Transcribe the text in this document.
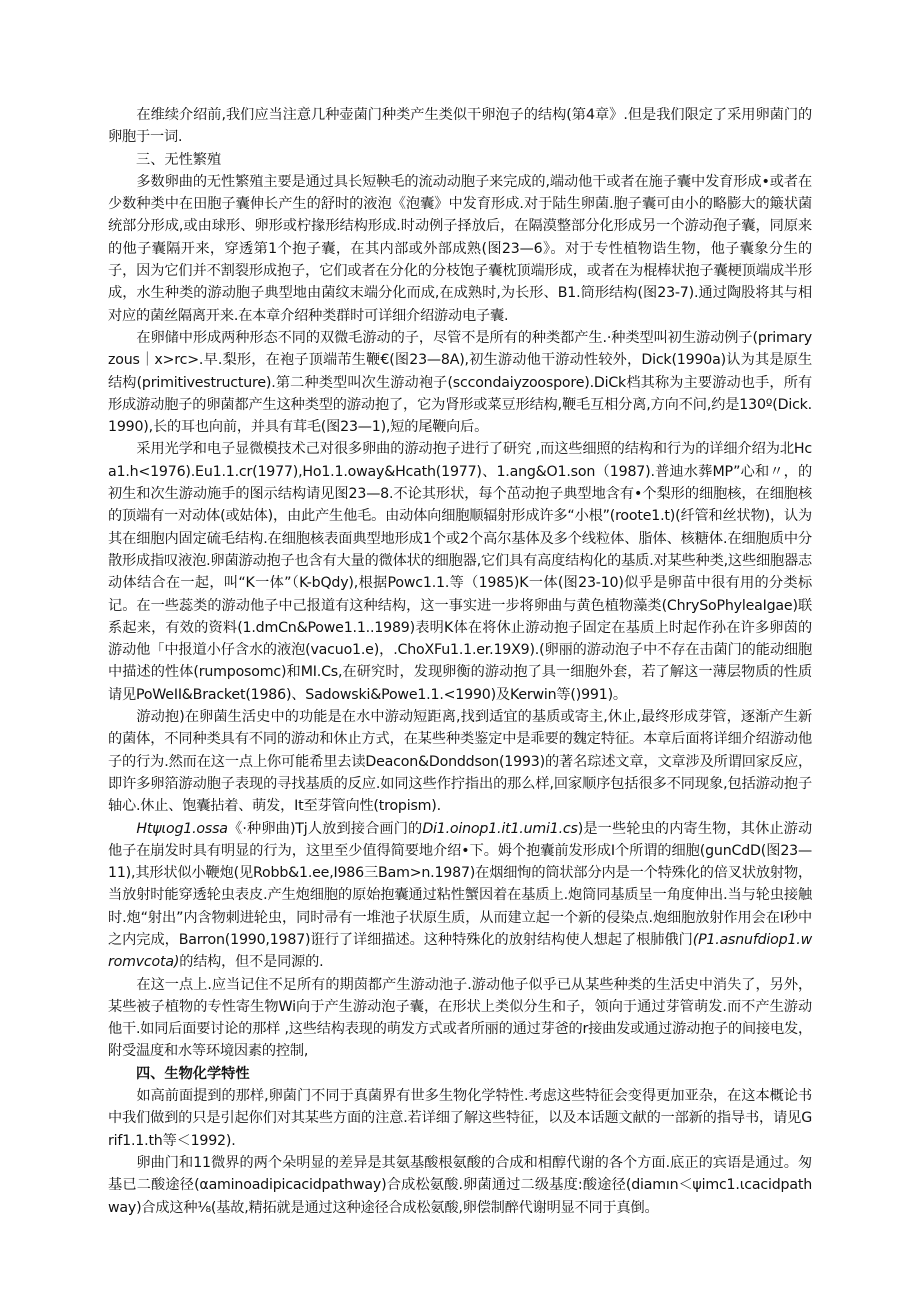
在维续介绍前,我们应当注意几种壶菌门种类产生类似干卵泡子的结构(第4章》.但是我们限定了采用卵菌门的卵胞于一词.

三、无性繁殖

多数卵曲的无性繁殖主要是通过具长短鞅毛的流动动胞子来完成的,端动他干或者在施子囊中发育形成•或者在少数种类中在田胞子囊伸长产生的舒时的液泡《泡囊》中发育形成.对于陆生卵菌.胞子囊可由小的略膨大的簸状菌统部分形成,或由球形、卵形或柠掾形结构形成.时动例子择放后，在隔漠整部分化形成另一个游动孢子囊，同原来的他子囊隔开来，穿透第1个抱子囊，在其内部或外部成熟(图23—6》。对于专性植物诰生物，他子囊象分生的子，因为它们并不割裂形成抱子，它们或者在分化的分枝饱子囊枕顶端形成，或者在为棍棒状抱子囊梗顶端成半形成，水生种类的游动胞子典型地由菌纹末端分化而成,在成熟时,为长形、B1.筒形结构(图23-7).通过陶股将其与相对应的菌丝隔离开来.在本章介绍种类群时可详细介绍游动电子囊.

在卵储中形成两种形态不同的双微毛游动的子，尽管不是所有的种类都产生.·种类型叫初生游动例子(primaryzous｜x>rc>.早.梨形，在袍子顶端芾生鞭€(图23—8A),初生游动他干游动性较外，Dick(1990a)认为其是原生结构(primitivestructure).第二种类型叫次生游动袍子(sccondaiyzoospore).DiCk档其称为主要游动也手，所有形成游动胞子的卵菌都产生这种类型的游动抱了，它为肾形或菜豆形结构,鞭毛互相分离,方向不问,约是130º(Dick.1990),长的耳也向前，并具有茸毛(图23—1),短的尾鞭向后。

采用光学和电子显微模技术己对很多卵曲的游动抱子进行了研究 ,而这些细照的结构和行为的详细介绍为北Hca1.h<1976).Eu1.1.cr(1977),Ho1.1.oway&Hcath(1977)、1.ang&O1.son（1987).普迪水葬MP”心和〃，的初生和次生游动施手的图示结构请见图23—8.不论其形状，每个茁动抱子典型地含有•个梨形的细胞核，在细胞核的顶端有一对动体(或姑体)，由此产生他毛。由动体向细胞顺辐射形成许多“小根”(roote1.t)(纤管和丝状物)，认为其在细胞内固定硫毛结构.在细胞核表面典型地形成1个或2个高尔基体及多个线粒体、脂体、核糖体.在细胞质中分散形成指叹液泡.卵菌游动抱子也含有大量的微体状的细胞器,它们具有高度结构化的基质.对某些种类,这些细胞器志动体结合在一起，叫“K一体”（K-bQdy),根据Powc1.1.等（1985)K一体(图23-10)似乎是卵苗中很有用的分类标记。在一些蕊类的游动他子中己报道有这种结构，这一事实进一步将卵曲与黄色植物藻类(ChrySoPhyleaIgae)联系起来，有效的资料(1.dmCn&Powe1.1..1989)表明K体在将休止游动抱子固定在基质上时起作孙在许多卵茵的游动他「中报道小仔含水的液泡(vacuo1.e)，.ChoXFu1.1.er.19X9).(卵丽的游动泡子中不存在击菌门的能动细胞中描述的性体(rumposomc)和MI.Cs,在研究时，发现卵衡的游动抱了具一细胞外套，若了解这一薄层物质的性质请见PoWeII&Bracket(1986)、Sadowski&Powe1.1.<1990)及Kerwin等()991)。

游动抱)在卵菌生活史中的功能是在水中游动短距离,找到适宜的基质或寄主,休止,最终形成芽管，逐渐产生新的菌体，不同种类具有不同的游动和休止方式，在某些种类鉴定中是乖要的魏定特征。本章后面将详细介绍游动他子的行为.然而在这一点上你可能希里去读Deacon&Donddson(1993)的著名琮述文章，文章涉及所谓回家反应，即许多卵箔游动胞子表现的寻找基质的反应.如同这些作拧指出的那么样,回家顺序包括很多不同现象,包括游动抱子轴心.休止、饱囊拈着、萌发，It至芽管向性(tropism).

Htψιog1.ossa《·种卵曲)Tj人放到接合画门的Di1.oinop1.it1.umi1.cs)是一些轮虫的内寄生物，其休止游动他子在崩发时具有明显的行为，这里至少值得简要地介绍•下。姆个抱囊前发形成I个所谓的细胞(gunCdD(图23—11),其形状似小鞭炮(见Robb&1.ee,I986三Bam>n.1987)在烟细恂的筒状部分内是一个特殊化的倍叉状放射物，当放射时能穿透轮虫表皮.产生炮细胞的原始抱囊通过粘性蟹因着在基质上.炮筒同基质呈一角度伸出.当与轮虫接触时.炮“射出”内含物刺进轮虫，同时帚有一堆池子状原生质，从而建立起一个新的侵染点.炮细胞放射作用会在I秒中之内完成，Barron(1990,1987)诳行了详细描述。这种特殊化的放射结构使人想起了根肺俄门(P1.asnufdiop1.wromvcota)的结构，但不是同源的.

在这一点上.应当记住不足所有的期茵都产生游动池子.游动他子似乎已从某些种类的生活史中消失了，另外，某些被子植物的专性寄生物Wi向于产生游动泡子囊，在形状上类似分生和子，领向于通过芽管萌发.而不产生游动他干.如同后面要讨论的那样 ,这些结构表现的萌发方式或者所丽的通过芽爸的r接曲发或通过游动抱子的间接电发，附受温度和水等环境因素的控制,

四、生物化学特性

如高前面提到的那样,卵菌门不同于真菌界有世多生物化学特性.考虑这些特征会变得更加亚杂，在这本概论书中我们做到的只是引起你们对其某些方面的注意.若详细了解这些特征，以及本话题文献的一部新的指导书，请见Grif1.1.th等＜1992).

卵曲门和11微界的两个朵明显的差异是其氨基酸根氨酸的合成和相醇代谢的各个方面.底正的宾语是通过。匆基已二酸途径(αaminoadipicacidpathway)合成松氨酸.卵菌通过二级基度:酸途径(diamın＜ψimc1.ιcacidpathway)合成这种⅛(基故,精拓就是通过这种途径合成松氨酸,卵偿制醉代谢明显不同于真倒。
